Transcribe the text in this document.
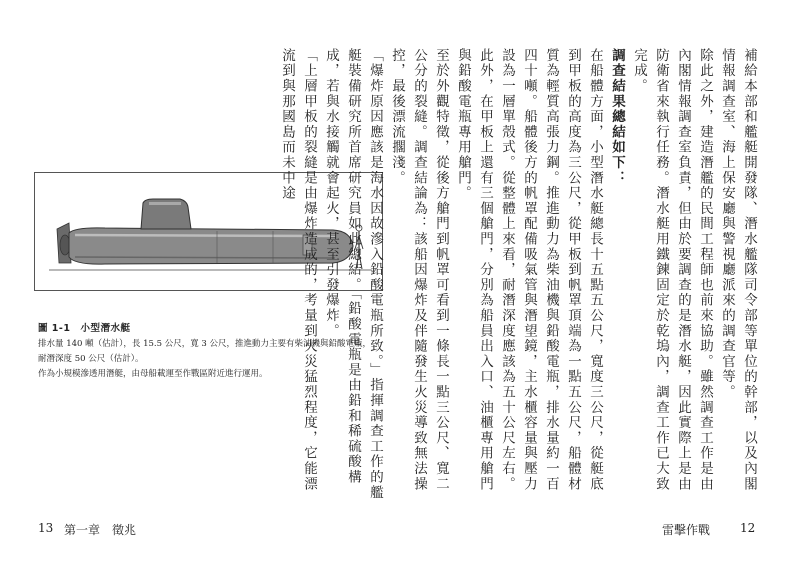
圖 1-1　小型潛水艇
排水量 140 噸（估計），長 15.5 公尺，寬 3 公尺，推進動力主要有柴油機與鉛酸電瓶，
耐潛深度 50 公尺（估計）。
作為小規模滲透用潛艇，由母船載運至作戰區附近進行運用。
13 第一章　徵兆

補給本部和艦艇開發隊、潛水艦隊司令部等單位的幹部，以及內閣情報調查室、海上保安廳與警視廳派來的調查官等。

除此之外，建造潛艦的民間工程師也前來協助。雖然調查工作是由內閣情報調查室負責，但由於要調查的是潛水艇，因此實際上是由防衛省來執行任務。潛水艇用鐵鍊固定於乾塢內，調查工作已大致完成。

調查結果總結如下：

在船體方面，小型潛水艇總長十五點五公尺，寬度三公尺，從艇底到甲板的高度為三公尺，從甲板到帆罩頂端為一點五公尺，船體材質為輕質高張力鋼。推進動力為柴油機與鉛酸電瓶，排水量約一百四十噸。船體後方的帆罩配備吸氣管與潛望鏡，主水櫃容量與壓力設為一層單殼式。從整體上來看，耐潛深度應該為五十公尺左右。此外，在甲板上還有三個艙門，分別為船員出入口、油櫃專用艙門與鉛酸電瓶專用艙門。

至於外觀特徵，從後方艙門到帆罩可看到一條長一點三公尺、寬二公分的裂縫。調查結論為：該船因爆炸及伴隨發生火災導致無法操控，最後漂流擱淺。

「爆炸原因應該是海水因故滲入鉛酸電瓶所致。」指揮調查工作的艦艇裝備研究所首席研究員如此總結。「鉛酸電瓶是由鉛和稀硫酸構成，若與水接觸就會起火，甚至引發爆炸。

「上層甲板的裂縫是由爆炸造成的，考量到火災猛烈程度，它能漂流到與那國島而未中途

雷擊作戰 12
